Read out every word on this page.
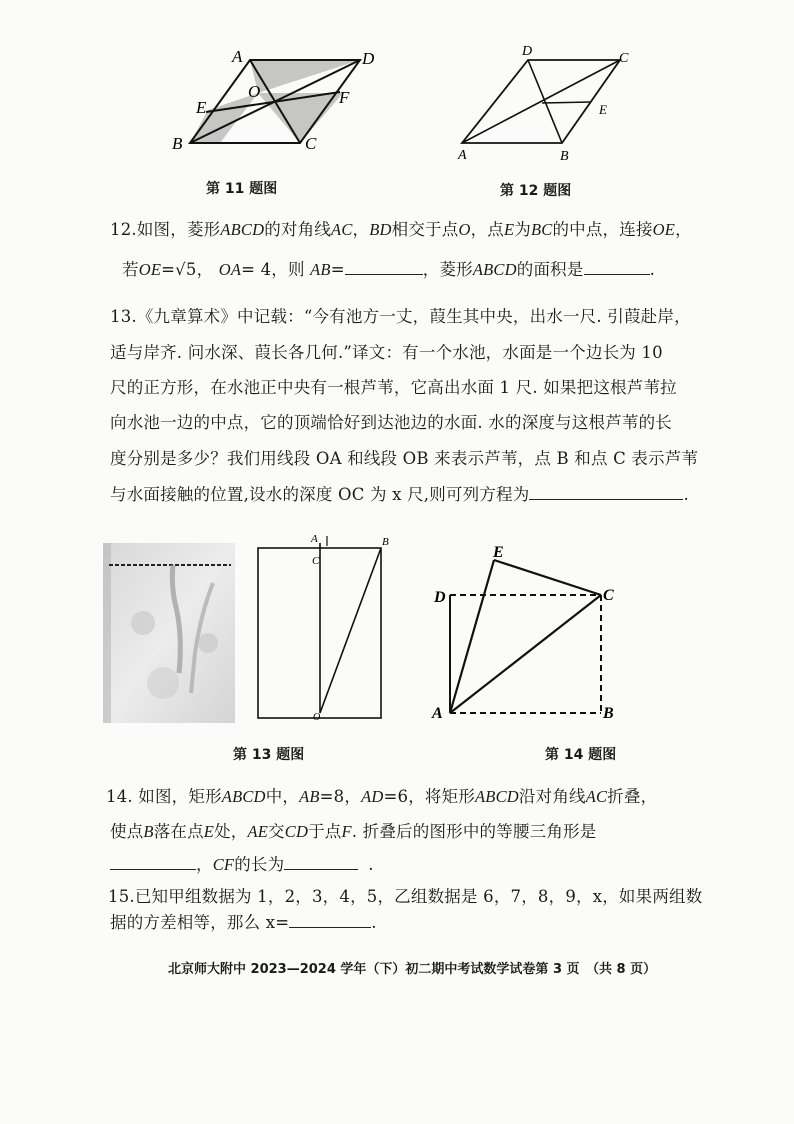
A	D
O
E
F
B	C
第 11 题图
D	C
E
A	B
第 12 题图
12.如图，菱形ABCD的对角线AC，BD相交于点O，点E为BC的中点，连接OE，
若OE=√5， OA= 4，则 AB=	，菱形ABCD的面积是	.
13.《九章算术》中记载：“今有池方一丈，葭生其中央，出水一尺. 引葭赴岸，
适与岸齐. 问水深、葭长各几何.”译文：有一个水池，水面是一个边长为 10
尺的正方形，在水池正中央有一根芦苇，它高出水面 1 尺. 如果把这根芦苇拉
向水池一边的中点，它的顶端恰好到达池边的水面. 水的深度与这根芦苇的长
度分别是多少？我们用线段 OA 和线段 OB 来表示芦苇，点 B 和点 C 表示芦苇
与水面接触的位置,设水的深度 OC 为 x 尺,则可列方程为	.
A
C
B
O
第 13 题图
E
D	C
A	B
第 14 题图
14. 如图，矩形ABCD中，AB=8，AD=6，将矩形ABCD沿对角线AC折叠，
使点B落在点E处，AE交CD于点F. 折叠后的图形中的等腰三角形是
，CF的长为	.
15.已知甲组数据为 1，2，3，4，5，乙组数据是 6，7，8，9，x，如果两组数
据的方差相等，那么 x=	.
北京师大附中 2023—2024 学年（下）初二期中考试数学试卷第 3 页　（共 8 页）
